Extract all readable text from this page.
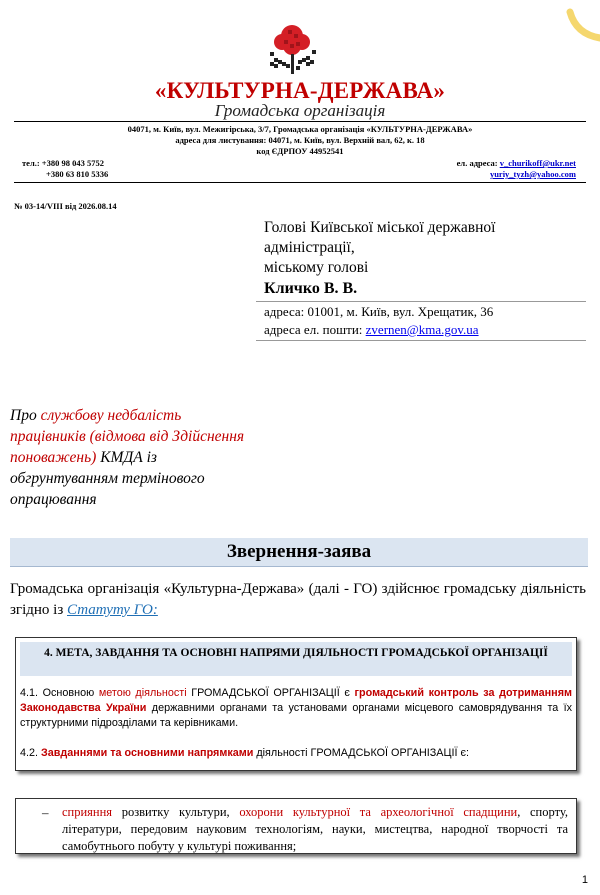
«КУЛЬТУРНА-ДЕРЖАВА»
Громадська організація
04071, м. Київ, вул. Межигірська, 3/7, Громадська організація «КУЛЬТУРНА-ДЕРЖАВА»
адреса для листування: 04071, м. Київ, вул. Верхній вал, 62, к. 18
код ЄДРПОУ 44952541
тел.: +380 98 043 5752
+380 63 810 5336
ел. адреса: v_churikoff@ukr.net
yuriy_tyzh@yahoo.com
№ 03-14/VIII від 2026.08.14
Голові Київської міської державної
адміністрації,
міському голові
Кличко В. В.
адреса: 01001, м. Київ, вул. Хрещатик, 36
адреса ел. пошти: zvernen@kma.gov.ua
Про службову недбалість працівників (відмова від Здійснення поноважень) КМДА із обгрунтуванням термінового опрацювання
Звернення-заява
Громадська організація «Культурна-Держава» (далі - ГО) здійснює громадську діяльність згідно із Статуту ГО:
4. МЕТА, ЗАВДАННЯ ТА ОСНОВНІ НАПРЯМИ ДІЯЛЬНОСТІ ГРОМАДСЬКОЇ ОРГАНІЗАЦІЇ
4.1. Основною метою діяльності ГРОМАДСЬКОЇ ОРГАНІЗАЦІЇ є громадський контроль за дотриманням Законодавства України державними органами та установами органами місцевого самоврядування та їх структурними підрозділами та керівниками.
4.2. Завданнями та основними напрямками діяльності ГРОМАДСЬКОЇ ОРГАНІЗАЦІЇ є:
– сприяння розвитку культури, охорони культурної та археологічної спадщини, спорту, літератури, передовим науковим технологіям, науки, мистецтва, народної творчості та самобутнього побуту у культурі поживання;
1
